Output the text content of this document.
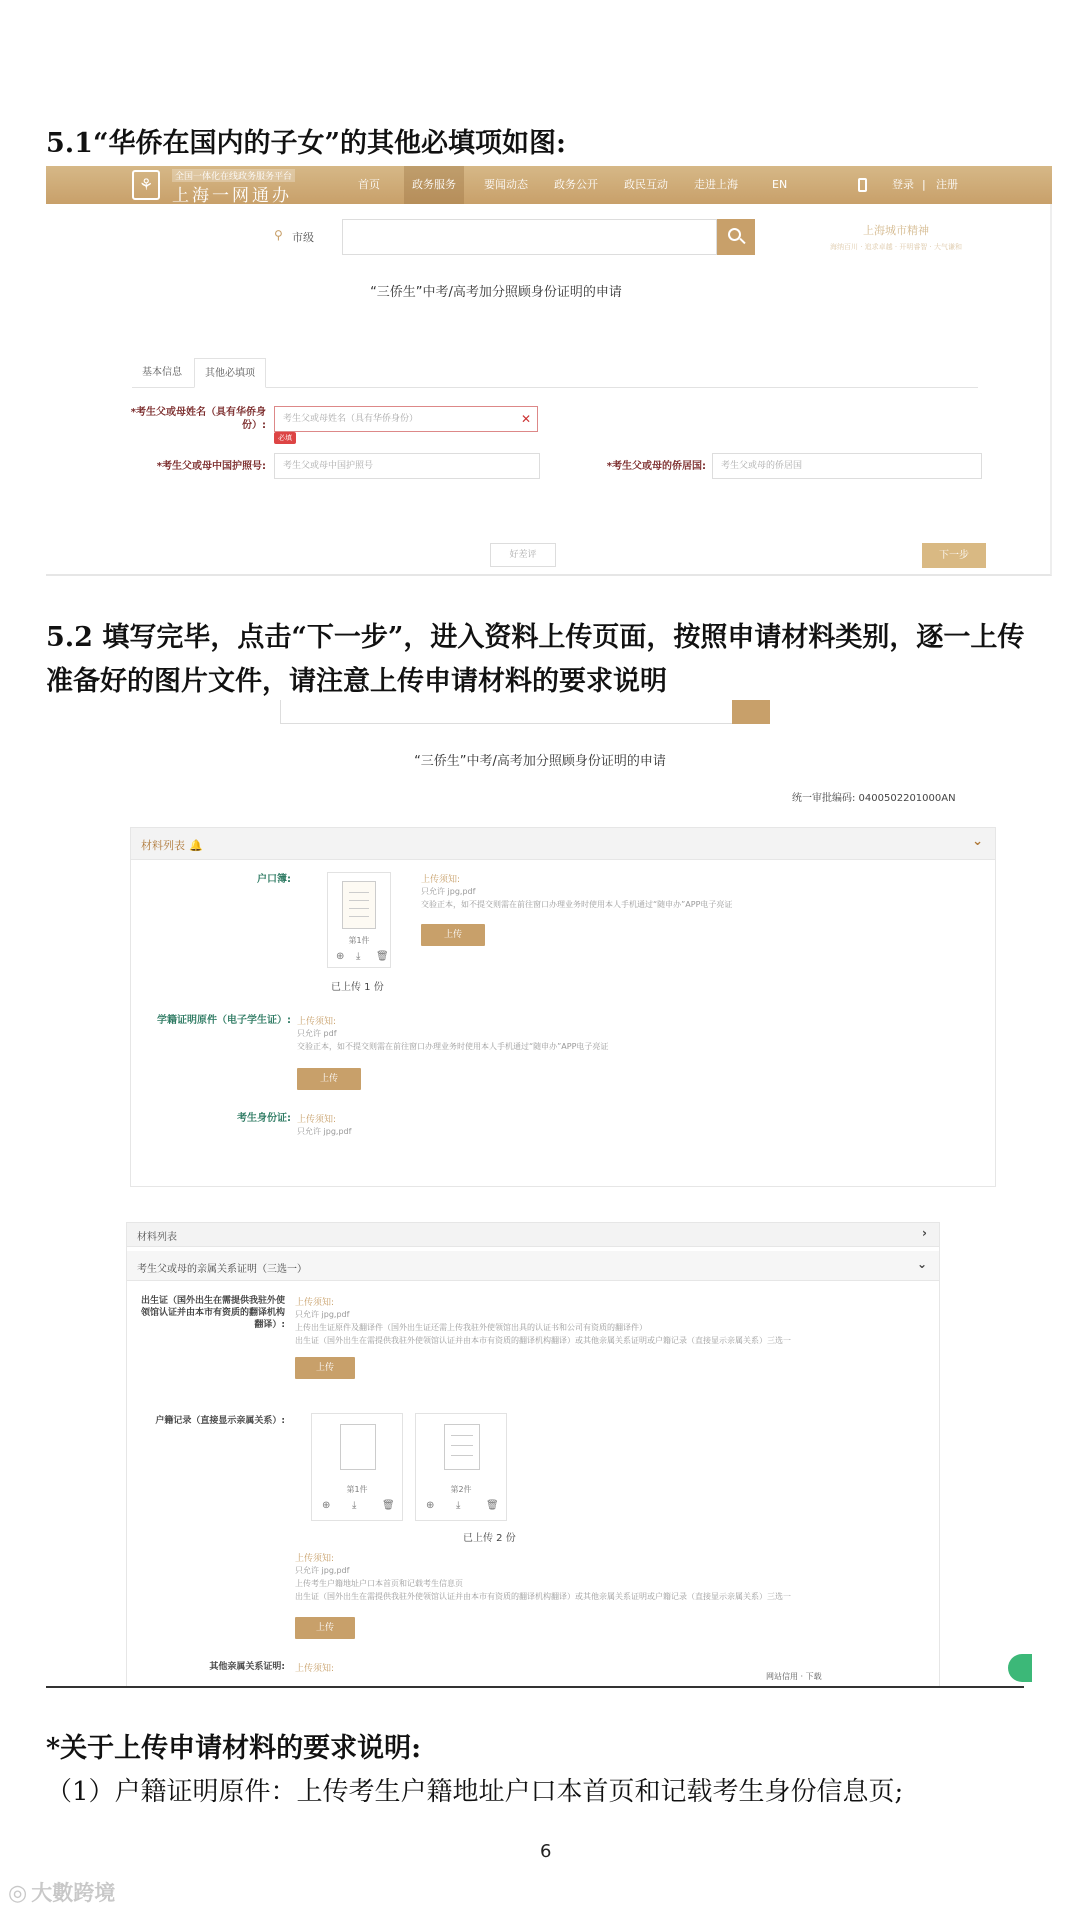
5.1“华侨在国内的子女”的其他必填项如图:
⚘	全国一体化在线政务服务平台
上海一网通办
首页	政务服务	要闻动态 政务公开 政民互动 走进上海	EN	登录 | 注册
⚲ 市级
上海城市精神
海纳百川 · 追求卓越 · 开明睿智 · 大气谦和
“三侨生”中考/高考加分照顾身份证明的申请
基本信息	其他必填项
*考生父或母姓名（具有华侨身份）:
考生父或母姓名（具有华侨身份）	✕
必填
*考生父或母中国护照号:	考生父或母中国护照号	*考生父或母的侨居国:	考生父或母的侨居国
好差评	下一步
5.2 填写完毕，点击“下一步”，进入资料上传页面，按照申请材料类别，逐一上传准备好的图片文件，请注意上传申请材料的要求说明
“三侨生”中考/高考加分照顾身份证明的申请
统一审批编码: 0400502201000AN
材料列表 🔔	⌄
户口簿:
第1件
⊕ ⤓ 🗑
已上传 1 份
上传须知:
只允许 jpg,pdf
交验正本，如不提交则需在前往窗口办理业务时使用本人手机通过“随申办”APP电子亮证
上传
学籍证明原件（电子学生证）: 上传须知:
只允许 pdf
交验正本，如不提交则需在前往窗口办理业务时使用本人手机通过“随申办”APP电子亮证
上传
考生身份证: 上传须知:
只允许 jpg,pdf
材料列表	›
考生父或母的亲属关系证明（三选一）	⌄
出生证（国外出生在需提供我驻外使领馆认证并由本市有资质的翻译机构翻译）:
上传须知:
只允许 jpg,pdf
上传出生证原件及翻译件（国外出生证还需上传我驻外使领馆出具的认证书和公司有资质的翻译件）
出生证（国外出生在需提供我驻外使领馆认证并由本市有资质的翻译机构翻译）或其他亲属关系证明或户籍记录（直接显示亲属关系）三选一
上传
户籍记录（直接显示亲属关系）:
第1件
⊕ ⤓	🗑
第2件
⊕ ⤓	🗑
已上传 2 份
上传须知:
只允许 jpg,pdf
上传考生户籍地址户口本首页和记载考生信息页
出生证（国外出生在需提供我驻外使领馆认证并由本市有资质的翻译机构翻译）或其他亲属关系证明或户籍记录（直接显示亲属关系）三选一
上传
其他亲属关系证明: 上传须知:
网站信用 · 下载
*关于上传申请材料的要求说明:
（1）户籍证明原件：上传考生户籍地址户口本首页和记载考生身份信息页;
6
◎ 大數跨境
